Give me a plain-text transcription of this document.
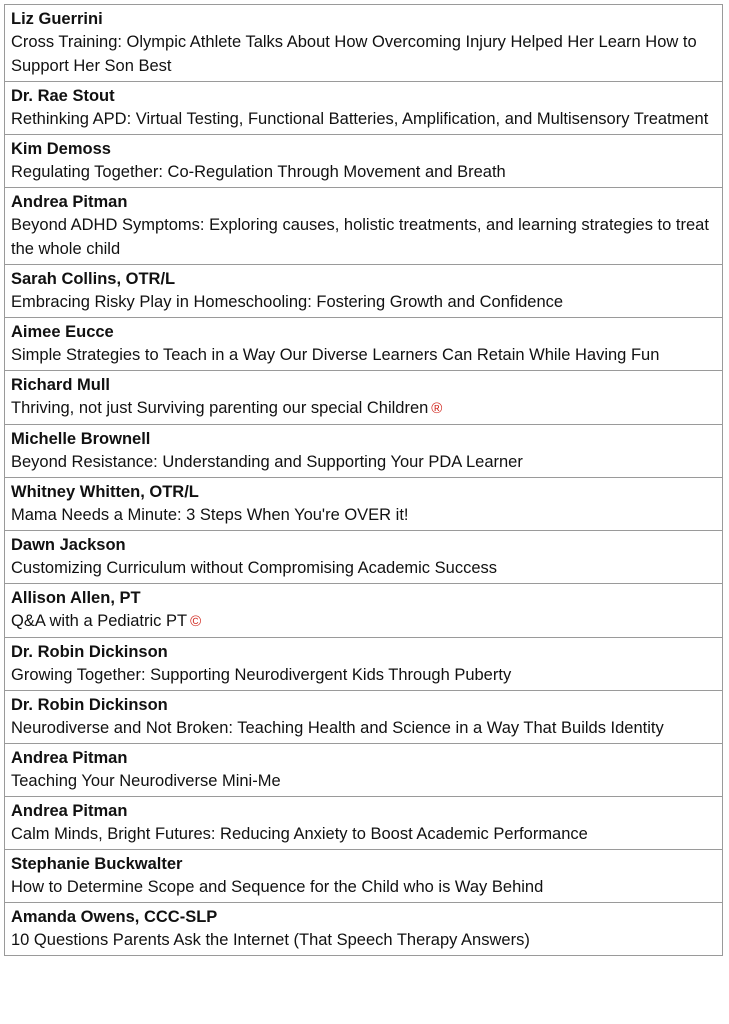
Liz Guerrini
Cross Training: Olympic Athlete Talks About How Overcoming Injury Helped Her Learn How to Support Her Son Best
Dr. Rae Stout
Rethinking APD: Virtual Testing, Functional Batteries, Amplification, and Multisensory Treatment
Kim Demoss
Regulating Together: Co-Regulation Through Movement and Breath
Andrea Pitman
Beyond ADHD Symptoms: Exploring causes, holistic treatments, and learning strategies to treat the whole child
Sarah Collins, OTR/L
Embracing Risky Play in Homeschooling: Fostering Growth and Confidence
Aimee Eucce
Simple Strategies to Teach in a Way Our Diverse Learners Can Retain While Having Fun
Richard Mull
Thriving, not just Surviving parenting our special Children ®
Michelle Brownell
Beyond Resistance: Understanding and Supporting Your PDA Learner
Whitney Whitten, OTR/L
Mama Needs a Minute: 3 Steps When You're OVER it!
Dawn Jackson
Customizing Curriculum without Compromising Academic Success
Allison Allen, PT
Q&A with a Pediatric PT ©
Dr. Robin Dickinson
Growing Together: Supporting Neurodivergent Kids Through Puberty
Dr. Robin Dickinson
Neurodiverse and Not Broken: Teaching Health and Science in a Way That Builds Identity
Andrea Pitman
Teaching Your Neurodiverse Mini-Me
Andrea Pitman
Calm Minds, Bright Futures: Reducing Anxiety to Boost Academic Performance
Stephanie Buckwalter
How to Determine Scope and Sequence for the Child who is Way Behind
Amanda Owens, CCC-SLP
10 Questions Parents Ask the Internet (That Speech Therapy Answers)
